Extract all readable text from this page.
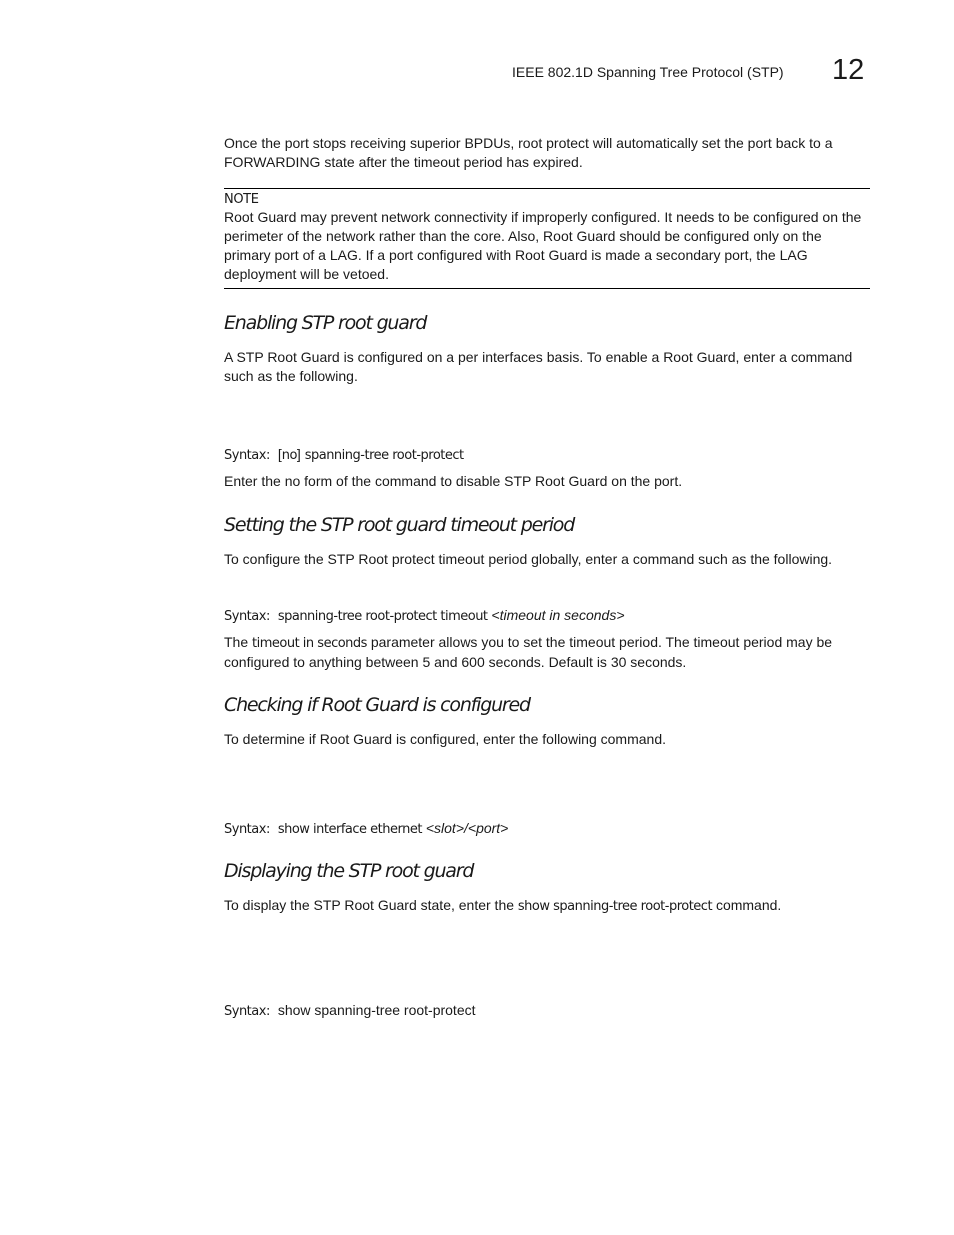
IEEE 802.1D Spanning Tree Protocol (STP) 12

Once the port stops receiving superior BPDUs, root protect will automatically set the port back to a FORWARDING state after the timeout period has expired.

NOTE

Root Guard may prevent network connectivity if improperly configured. It needs to be configured on the perimeter of the network rather than the core. Also, Root Guard should be configured only on the primary port of a LAG. If a port configured with Root Guard is made a secondary port, the LAG deployment will be vetoed.

Enabling STP root guard

A STP Root Guard is configured on a per interfaces basis. To enable a Root Guard, enter a command such as the following.

Syntax: [no] spanning-tree root-protect

Enter the no form of the command to disable STP Root Guard on the port.

Setting the STP root guard timeout period

To configure the STP Root protect timeout period globally, enter a command such as the following.

Syntax: spanning-tree root-protect timeout <timeout in seconds>

The timeout in seconds parameter allows you to set the timeout period. The timeout period may be configured to anything between 5 and 600 seconds. Default is 30 seconds.

Checking if Root Guard is configured

To determine if Root Guard is configured, enter the following command.

Syntax: show interface ethernet <slot>/<port>
Displaying the STP root guard

To display the STP Root Guard state, enter the show spanning-tree root-protect command.

Syntax: show spanning-tree root-protect
